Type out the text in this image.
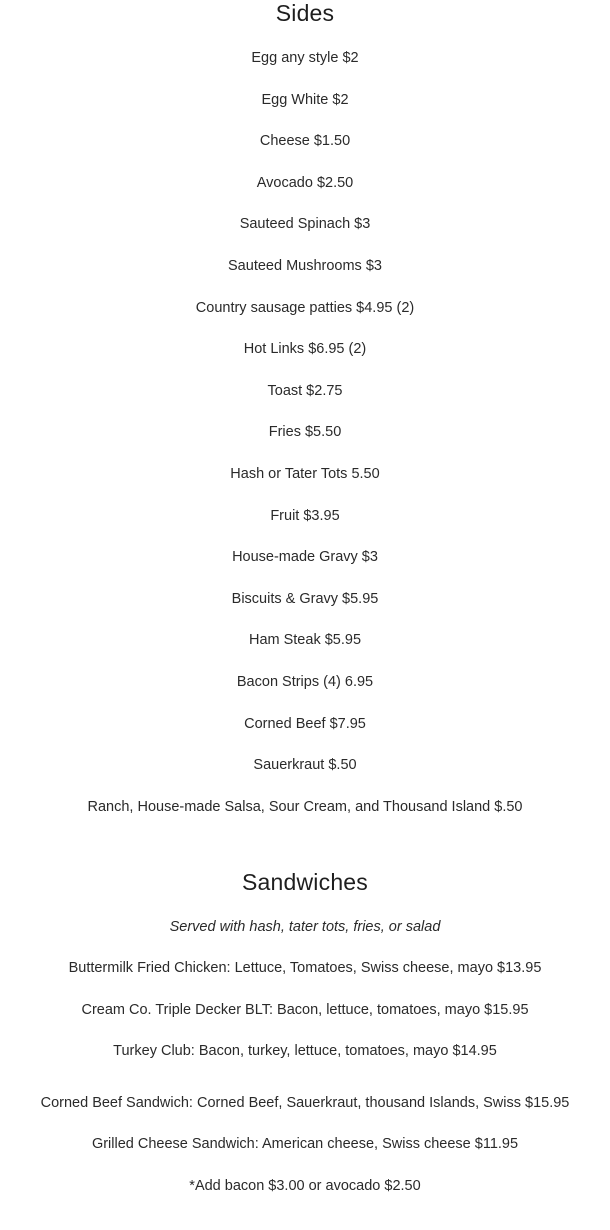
Sides
Egg any style $2
Egg White $2
Cheese $1.50
Avocado $2.50
Sauteed Spinach $3
Sauteed Mushrooms $3
Country sausage patties $4.95 (2)
Hot Links $6.95 (2)
Toast $2.75
Fries $5.50
Hash or Tater Tots 5.50
Fruit $3.95
House-made Gravy $3
Biscuits & Gravy $5.95
Ham Steak $5.95
Bacon Strips (4) 6.95
Corned Beef $7.95
Sauerkraut $.50
Ranch, House-made Salsa, Sour Cream, and Thousand Island $.50
Sandwiches
Served with hash, tater tots, fries, or salad
Buttermilk Fried Chicken: Lettuce, Tomatoes, Swiss cheese, mayo $13.95
Cream Co. Triple Decker BLT: Bacon, lettuce, tomatoes, mayo $15.95
Turkey Club: Bacon, turkey, lettuce, tomatoes, mayo $14.95
Corned Beef Sandwich: Corned Beef, Sauerkraut, thousand Islands, Swiss $15.95
Grilled Cheese Sandwich: American cheese, Swiss cheese $11.95
*Add bacon $3.00 or avocado $2.50
